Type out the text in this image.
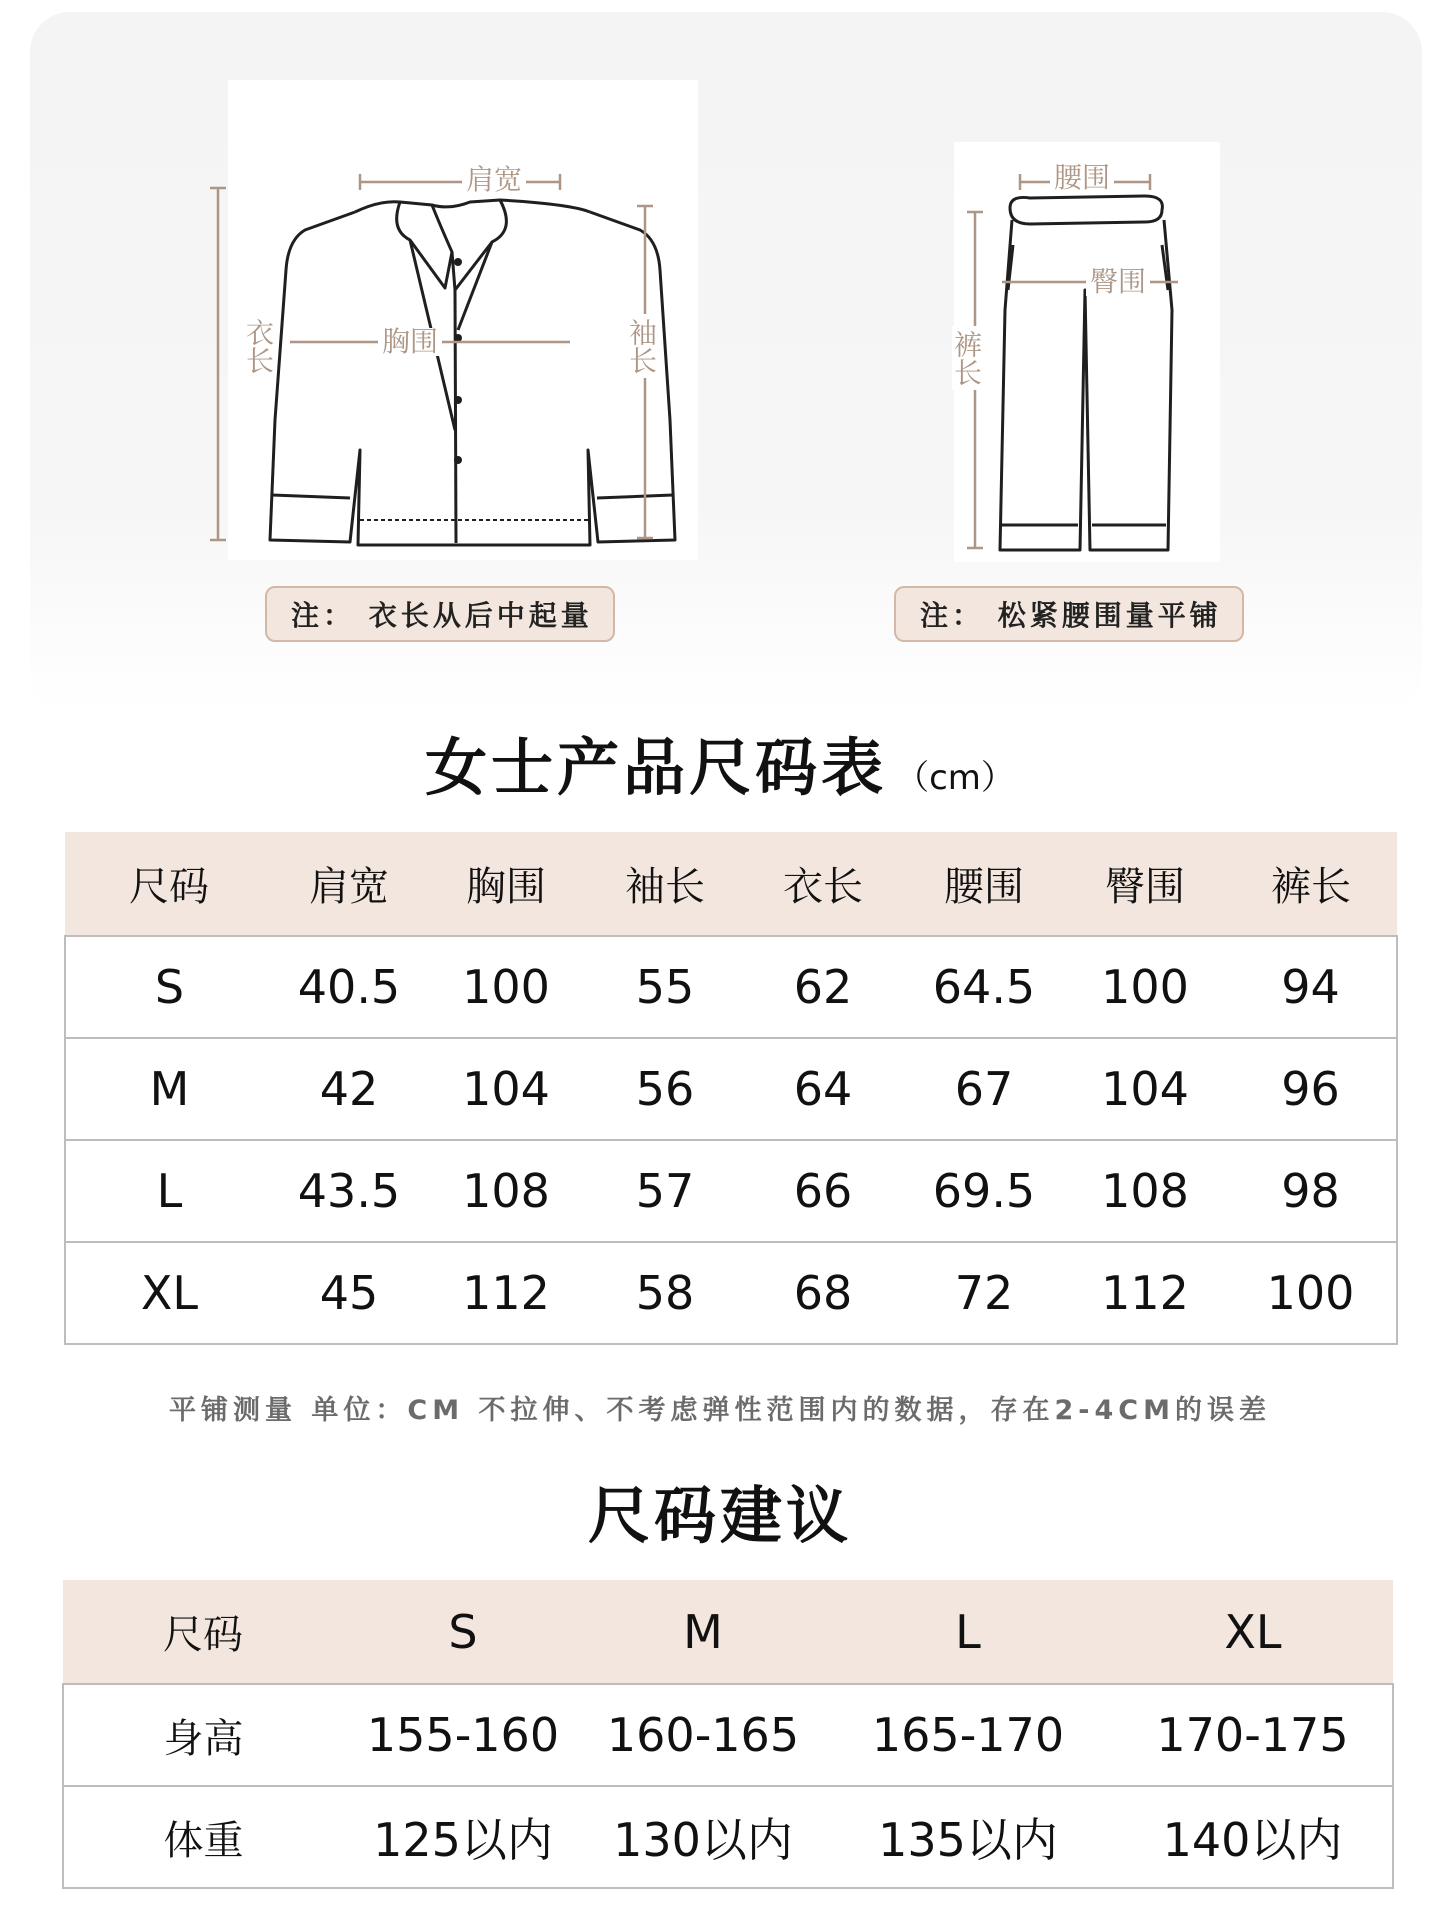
肩宽
胸围
衣长	袖长
注： 衣长从后中起量
腰围
臀围
裤长
注： 松紧腰围量平铺
女士产品尺码表 （cm）
尺码	肩宽	胸围	袖长	衣长	腰围	臀围	裤长
S	40.5	100	55	62	64.5	100	94
M	42	104	56	64	67	104	96
L	43.5	108	57	66	69.5	108	98
XL	45	112	58	68	72	112	100
平铺测量 单位：CM 不拉伸、不考虑弹性范围内的数据，存在2-4CM的误差
尺码建议
尺码	S	M	L	XL
身高	155-160	160-165	165-170	170-175
体重	125以内	130以内	135以内	140以内
